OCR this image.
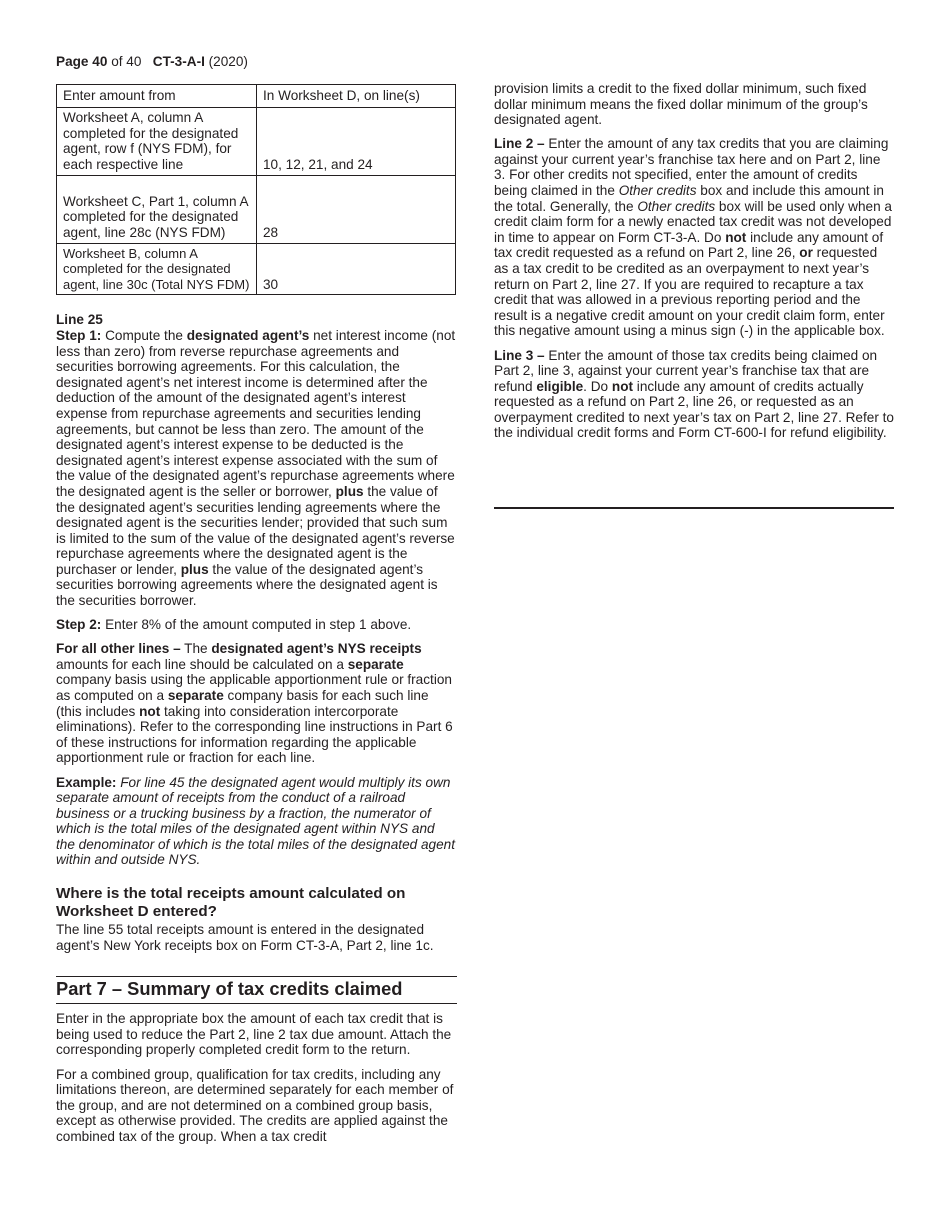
Page 40 of 40 CT-3-A-I (2020)
Enter amount from	In Worksheet D, on line(s)
Worksheet A, column A completed for the designated agent, row f (NYS FDM), for each respective line	10, 12, 21, and 24
Worksheet C, Part 1, column A completed for the designated agent, line 28c (NYS FDM)	28
Worksheet B, column A completed for the designated agent, line 30c (Total NYS FDM)	30

Line 25

Step 1: Compute the designated agent’s net interest income (not less than zero) from reverse repurchase agreements and securities borrowing agreements. For this calculation, the designated agent’s net interest income is determined after the deduction of the amount of the designated agent’s interest expense from repurchase agreements and securities lending agreements, but cannot be less than zero. The amount of the designated agent’s interest expense to be deducted is the designated agent’s interest expense associated with the sum of the value of the designated agent’s repurchase agreements where the designated agent is the seller or borrower, plus the value of the designated agent’s securities lending agreements where the designated agent is the securities lender; provided that such sum is limited to the sum of the value of the designated agent’s reverse repurchase agreements where the designated agent is the purchaser or lender, plus the value of the designated agent’s securities borrowing agreements where the designated agent is the securities borrower.

Step 2: Enter 8% of the amount computed in step 1 above.

For all other lines – The designated agent’s NYS receipts amounts for each line should be calculated on a separate company basis using the applicable apportionment rule or fraction as computed on a separate company basis for each such line (this includes not taking into consideration intercorporate eliminations). Refer to the corresponding line instructions in Part 6 of these instructions for information regarding the applicable apportionment rule or fraction for each line.

Example: For line 45 the designated agent would multiply its own separate amount of receipts from the conduct of a railroad business or a trucking business by a fraction, the numerator of which is the total miles of the designated agent within NYS and the denominator of which is the total miles of the designated agent within and outside NYS.

Where is the total receipts amount calculated on Worksheet D entered?

The line 55 total receipts amount is entered in the designated agent’s New York receipts box on Form CT-3-A, Part 2, line 1c.

Part 7 – Summary of tax credits claimed

Enter in the appropriate box the amount of each tax credit that is being used to reduce the Part 2, line 2 tax due amount. Attach the corresponding properly completed credit form to the return.

For a combined group, qualification for tax credits, including any limitations thereon, are determined separately for each member of the group, and are not determined on a combined group basis, except as otherwise provided. The credits are applied against the combined tax of the group. When a tax credit

provision limits a credit to the fixed dollar minimum, such fixed dollar minimum means the fixed dollar minimum of the group’s designated agent.

Line 2 – Enter the amount of any tax credits that you are claiming against your current year’s franchise tax here and on Part 2, line 3. For other credits not specified, enter the amount of credits being claimed in the Other credits box and include this amount in the total. Generally, the Other credits box will be used only when a credit claim form for a newly enacted tax credit was not developed in time to appear on Form CT-3-A. Do not include any amount of tax credit requested as a refund on Part 2, line 26, or requested as a tax credit to be credited as an overpayment to next year’s return on Part 2, line 27. If you are required to recapture a tax credit that was allowed in a previous reporting period and the result is a negative credit amount on your credit claim form, enter this negative amount using a minus sign (-) in the applicable box.

Line 3 – Enter the amount of those tax credits being claimed on Part 2, line 3, against your current year’s franchise tax that are refund eligible. Do not include any amount of credits actually requested as a refund on Part 2, line 26, or requested as an overpayment credited to next year’s tax on Part 2, line 27. Refer to the individual credit forms and Form CT-600-I for refund eligibility.
